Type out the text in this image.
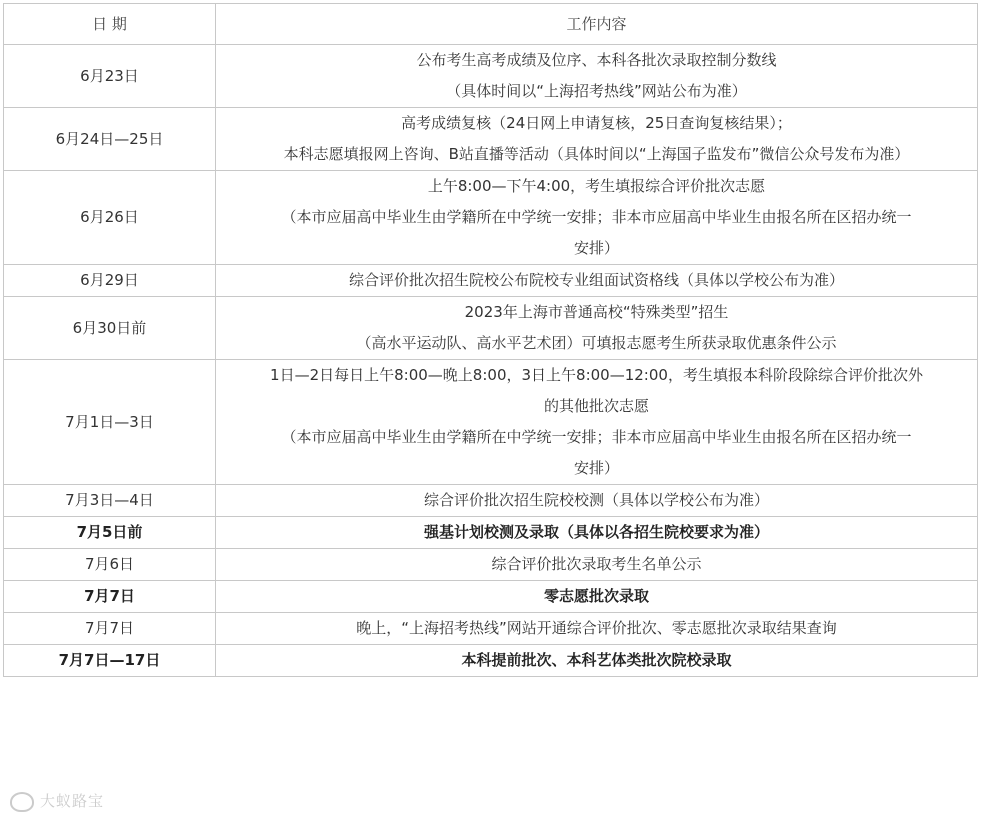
日 期	工作内容
6月23日	公布考生高考成绩及位序、本科各批次录取控制分数线
（具体时间以“上海招考热线”网站公布为准）

6月24日—25日	高考成绩复核（24日网上申请复核，25日查询复核结果）；
本科志愿填报网上咨询、B站直播等活动（具体时间以“上海国子监发布”微信公众号发布为准）

6月26日	上午8:00—下午4:00，考生填报综合评价批次志愿
（本市应届高中毕业生由学籍所在中学统一安排；非本市应届高中毕业生由报名所在区招办统一
安排）

6月29日	综合评价批次招生院校公布院校专业组面试资格线（具体以学校公布为准）

6月30日前	2023年上海市普通高校“特殊类型”招生
（高水平运动队、高水平艺术团）可填报志愿考生所获录取优惠条件公示

7月1日—3日	1日—2日每日上午8:00—晚上8:00，3日上午8:00—12:00，考生填报本科阶段除综合评价批次外
的其他批次志愿
（本市应届高中毕业生由学籍所在中学统一安排；非本市应届高中毕业生由报名所在区招办统一
安排）

7月3日—4日	综合评价批次招生院校校测（具体以学校公布为准）

7月5日前	强基计划校测及录取（具体以各招生院校要求为准）

7月6日	综合评价批次录取考生名单公示

7月7日	零志愿批次录取

7月7日	晚上，“上海招考热线”网站开通综合评价批次、零志愿批次录取结果查询

7月7日—17日	本科提前批次、本科艺体类批次院校录取
大蚁路宝
